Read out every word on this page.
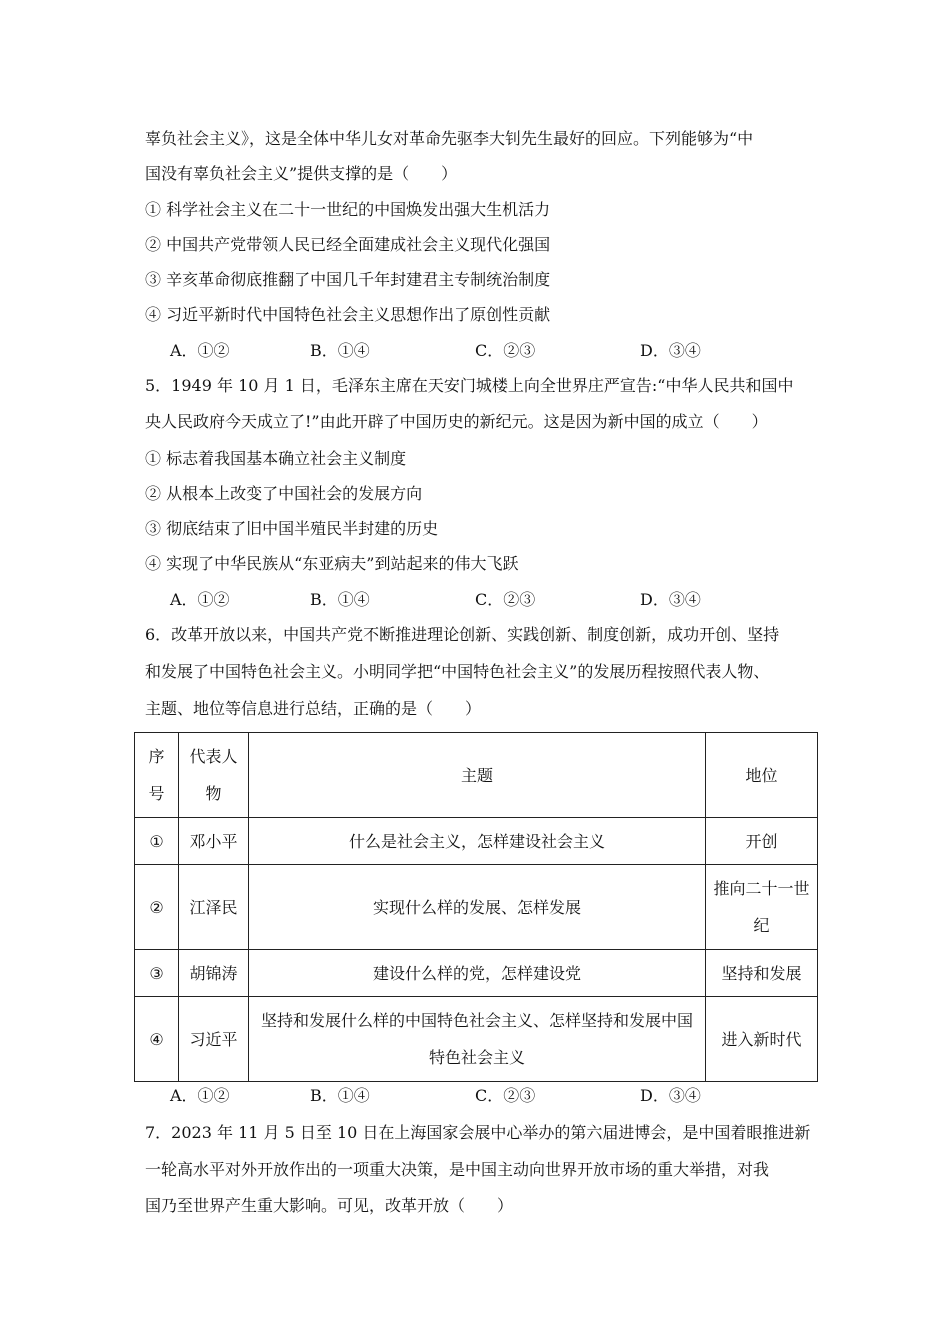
辜负社会主义》，这是全体中华儿女对革命先驱李大钊先生最好的回应。下列能够为“中
国没有辜负社会主义”提供支撑的是（　　）
① 科学社会主义在二十一世纪的中国焕发出强大生机活力
② 中国共产党带领人民已经全面建成社会主义现代化强国
③ 辛亥革命彻底推翻了中国几千年封建君主专制统治制度
④ 习近平新时代中国特色社会主义思想作出了原创性贡献
A．①②	B．①④	C．②③	D．③④
5．1949 年 10 月 1 日，毛泽东主席在天安门城楼上向全世界庄严宣告:“中华人民共和国中
央人民政府今天成立了!”由此开辟了中国历史的新纪元。这是因为新中国的成立（　　）
① 标志着我国基本确立社会主义制度
② 从根本上改变了中国社会的发展方向
③ 彻底结束了旧中国半殖民半封建的历史
④ 实现了中华民族从“东亚病夫”到站起来的伟大飞跃
A．①②	B．①④	C．②③	D．③④
6．改革开放以来，中国共产党不断推进理论创新、实践创新、制度创新，成功开创、坚持
和发展了中国特色社会主义。小明同学把“中国特色社会主义”的发展历程按照代表人物、
主题、地位等信息进行总结，正确的是（　　）
序号	代表人物	主题	地位
①	邓小平	什么是社会主义，怎样建设社会主义	开创
②	江泽民	实现什么样的发展、怎样发展	推向二十一世纪
③	胡锦涛	建设什么样的党，怎样建设党	坚持和发展
④	习近平	坚持和发展什么样的中国特色社会主义、怎样坚持和发展中国特色社会主义	进入新时代
A．①②	B．①④	C．②③	D．③④
7．2023 年 11 月 5 日至 10 日在上海国家会展中心举办的第六届进博会，是中国着眼推进新
一轮高水平对外开放作出的一项重大决策，是中国主动向世界开放市场的重大举措，对我
国乃至世界产生重大影响。可见，改革开放（　　）
